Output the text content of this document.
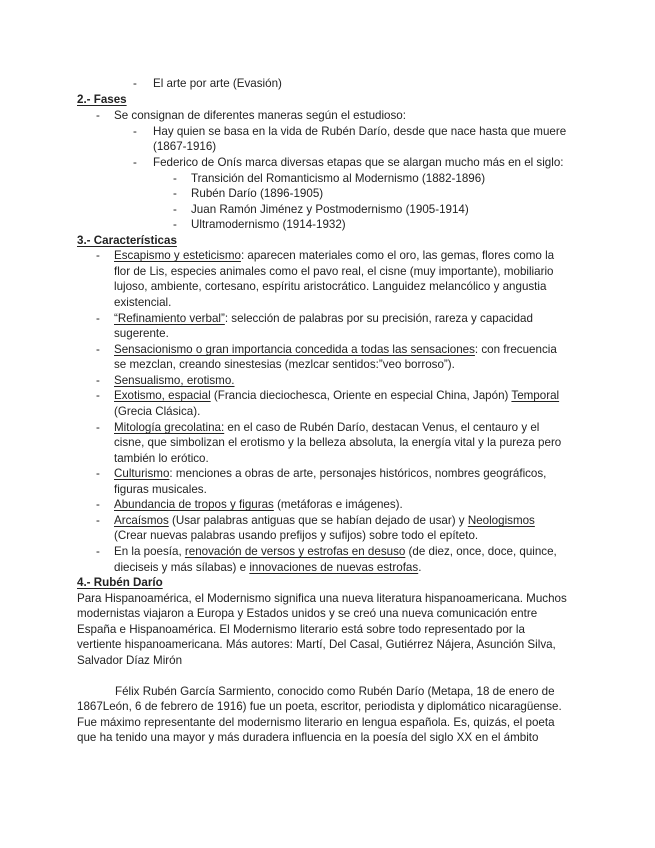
- El arte por arte (Evasión)
2.- Fases
- Se consignan de diferentes maneras según el estudioso:
- Hay quien se basa en la vida de Rubén Darío, desde que nace hasta que muere
(1867-1916)
- Federico de Onís marca diversas etapas que se alargan mucho más en el siglo:
- Transición del Romanticismo al Modernismo (1882-1896)
- Rubén Darío (1896-1905)
- Juan Ramón Jiménez y Postmodernismo (1905-1914)
- Ultramodernismo (1914-1932)
3.- Características
- Escapismo y esteticismo: aparecen materiales como el oro, las gemas, flores como la
flor de Lis, especies animales como el pavo real, el cisne (muy importante), mobiliario
lujoso, ambiente, cortesano, espíritu aristocrático. Languidez melancólico y angustia
existencial.
- “Refinamiento verbal”: selección de palabras por su precisión, rareza y capacidad
sugerente.
- Sensacionismo o gran importancia concedida a todas las sensaciones: con frecuencia
se mezclan, creando sinestesias (mezlcar sentidos:”veo borroso”).
- Sensualismo, erotismo.
- Exotismo, espacial (Francia dieciochesca, Oriente en especial China, Japón) Temporal
(Grecia Clásica).
- Mitología grecolatina: en el caso de Rubén Darío, destacan Venus, el centauro y el
cisne, que simbolizan el erotismo y la belleza absoluta, la energía vital y la pureza pero
también lo erótico.
- Culturismo: menciones a obras de arte, personajes históricos, nombres geográficos,
figuras musicales.
- Abundancia de tropos y figuras (metáforas e imágenes).
- Arcaísmos (Usar palabras antiguas que se habían dejado de usar) y Neologismos
(Crear nuevas palabras usando prefijos y sufijos) sobre todo el epíteto.
- En la poesía, renovación de versos y estrofas en desuso (de diez, once, doce, quince,
dieciseis y más sílabas) e innovaciones de nuevas estrofas.
4.- Rubén Darío
Para Hispanoamérica, el Modernismo significa una nueva literatura hispanoamericana. Muchos
modernistas viajaron a Europa y Estados unidos y se creó una nueva comunicación entre
España e Hispanoamérica. El Modernismo literario está sobre todo representado por la
vertiente hispanoamericana. Más autores: Martí, Del Casal, Gutiérrez Nájera, Asunción Silva,
Salvador Díaz Mirón
Félix Rubén García Sarmiento, conocido como Rubén Darío (Metapa, 18 de enero de
1867León, 6 de febrero de 1916) fue un poeta, escritor, periodista y diplomático nicaragüense.
Fue máximo representante del modernismo literario en lengua española. Es, quizás, el poeta
que ha tenido una mayor y más duradera influencia en la poesía del siglo XX en el ámbito
